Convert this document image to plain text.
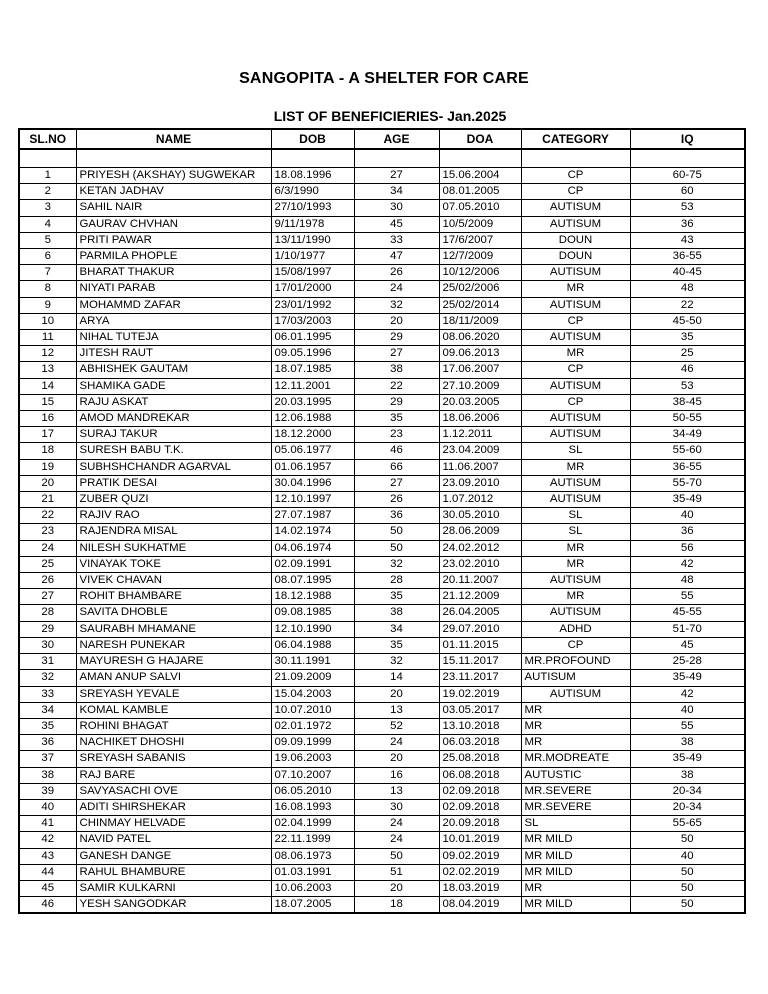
SANGOPITA - A SHELTER FOR CARE
LIST OF BENEFICIERIES- Jan.2025
SL.NO	NAME	DOB	AGE	DOA	CATEGORY	IQ

1	PRIYESH (AKSHAY) SUGWEKAR	18.08.1996	27	15.06.2004	CP	60-75
2	KETAN JADHAV	6/3/1990	34	08.01.2005	CP	60
3	SAHIL NAIR	27/10/1993	30	07.05.2010	AUTISUM	53
4	GAURAV CHVHAN	9/11/1978	45	10/5/2009	AUTISUM	36
5	PRITI PAWAR	13/11/1990	33	17/6/2007	DOUN	43
6	PARMILA PHOPLE	1/10/1977	47	12/7/2009	DOUN	36-55
7	BHARAT THAKUR	15/08/1997	26	10/12/2006	AUTISUM	40-45
8	NIYATI PARAB	17/01/2000	24	25/02/2006	MR	48
9	MOHAMMD ZAFAR	23/01/1992	32	25/02/2014	AUTISUM	22
10	ARYA	17/03/2003	20	18/11/2009	CP	45-50
11	NIHAL TUTEJA	06.01.1995	29	08.06.2020	AUTISUM	35
12	JITESH RAUT	09.05.1996	27	09.06.2013	MR	25
13	ABHISHEK GAUTAM	18.07.1985	38	17.06.2007	CP	46
14	SHAMIKA GADE	12.11.2001	22	27.10.2009	AUTISUM	53
15	RAJU ASKAT	20.03.1995	29	20.03.2005	CP	38-45
16	AMOD MANDREKAR	12.06.1988	35	18.06.2006	AUTISUM	50-55
17	SURAJ TAKUR	18.12.2000	23	1.12.2011	AUTISUM	34-49
18	SURESH BABU T.K.	05.06.1977	46	23.04.2009	SL	55-60
19	SUBHSHCHANDR AGARVAL	01.06.1957	66	11.06.2007	MR	36-55
20	PRATIK DESAI	30.04.1996	27	23.09.2010	AUTISUM	55-70
21	ZUBER QUZI	12.10.1997	26	1.07.2012	AUTISUM	35-49
22	RAJIV RAO	27.07.1987	36	30.05.2010	SL	40
23	RAJENDRA MISAL	14.02.1974	50	28.06.2009	SL	36
24	NILESH SUKHATME	04.06.1974	50	24.02.2012	MR	56
25	VINAYAK TOKE	02.09.1991	32	23.02.2010	MR	42
26	VIVEK CHAVAN	08.07.1995	28	20.11.2007	AUTISUM	48
27	ROHIT BHAMBARE	18.12.1988	35	21.12.2009	MR	55
28	SAVITA DHOBLE	09.08.1985	38	26.04.2005	AUTISUM	45-55
29	SAURABH MHAMANE	12.10.1990	34	29.07.2010	ADHD	51-70
30	NARESH PUNEKAR	06.04.1988	35	01.11.2015	CP	45
31	MAYURESH G HAJARE	30.11.1991	32	15.11.2017	MR.PROFOUND	25-28
32	AMAN ANUP SALVI	21.09.2009	14	23.11.2017	AUTISUM	35-49
33	SREYASH YEVALE	15.04.2003	20	19.02.2019	AUTISUM	42
34	KOMAL KAMBLE	10.07.2010	13	03.05.2017	MR	40
35	ROHINI BHAGAT	02.01.1972	52	13.10.2018	MR	55
36	NACHIKET DHOSHI	09.09.1999	24	06.03.2018	MR	38
37	SREYASH SABANIS	19.06.2003	20	25.08.2018	MR.MODREATE	35-49
38	RAJ BARE	07.10.2007	16	06.08.2018	AUTUSTIC	38
39	SAVYASACHI OVE	06.05.2010	13	02.09.2018	MR.SEVERE	20-34
40	ADITI SHIRSHEKAR	16.08.1993	30	02.09.2018	MR.SEVERE	20-34
41	CHINMAY HELVADE	02.04.1999	24	20.09.2018	SL	55-65
42	NAVID PATEL	22.11.1999	24	10.01.2019	MR MILD	50
43	GANESH DANGE	08.06.1973	50	09.02.2019	MR MILD	40
44	RAHUL BHAMBURE	01.03.1991	51	02.02.2019	MR MILD	50
45	SAMIR KULKARNI	10.06.2003	20	18.03.2019	MR	50
46	YESH SANGODKAR	18.07.2005	18	08.04.2019	MR MILD	50
